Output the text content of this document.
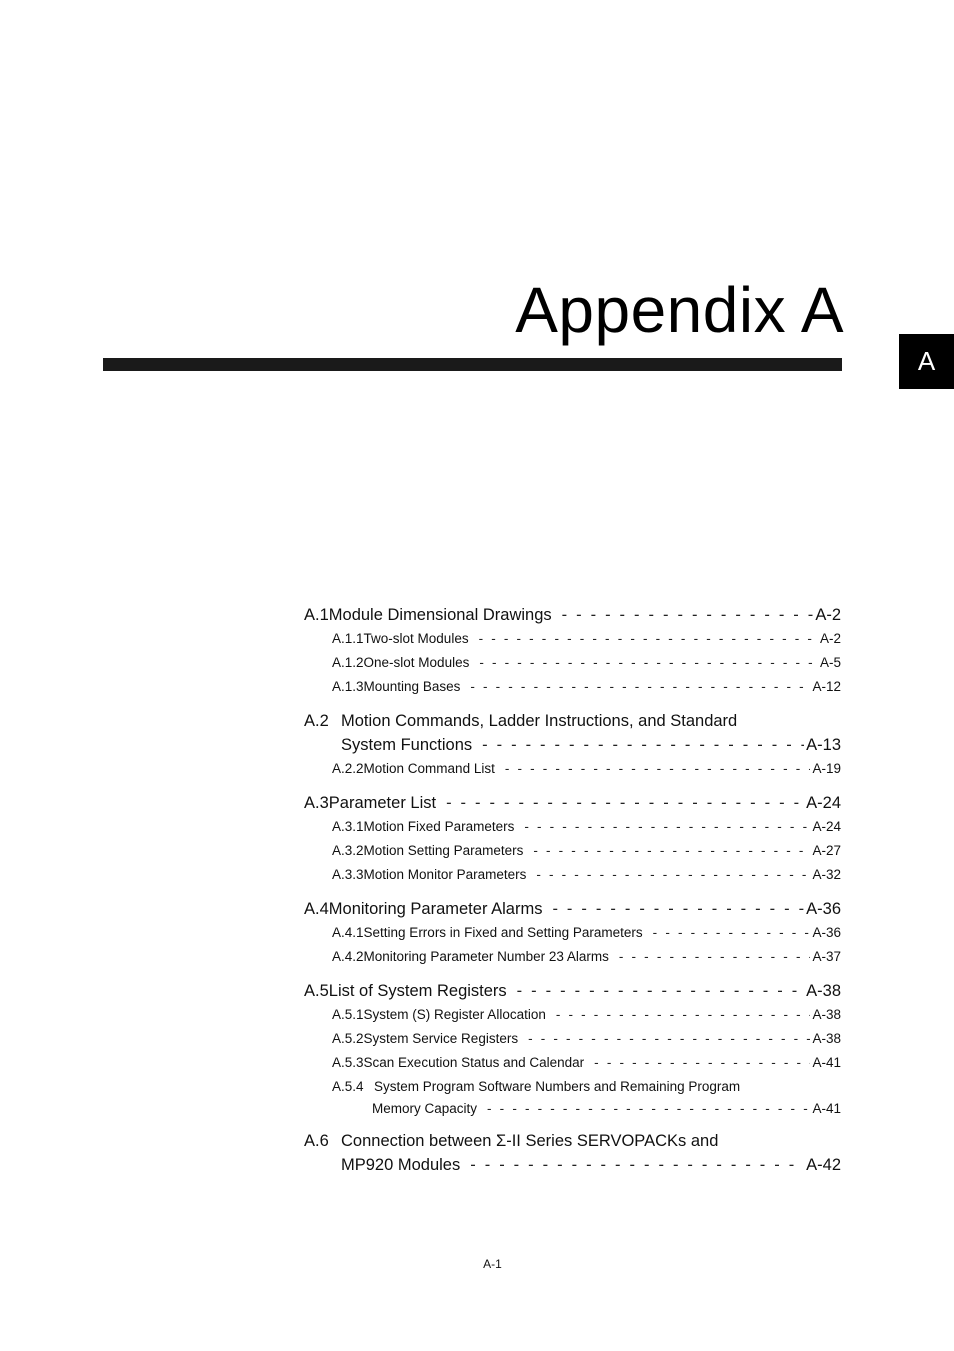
Appendix A
A
A.1 Module Dimensional Drawings - - -	A-2
A.1.1 Two-slot Modules - - -	A-2
A.1.2 One-slot Modules - - -	A-5
A.1.3 Mounting Bases - - -	A-12
A.2 Motion Commands, Ladder Instructions, and Standard
System Functions - - -	A-13
A.2.2 Motion Command List - - -	A-19
A.3 Parameter List - - -	A-24
A.3.1 Motion Fixed Parameters - - -	A-24
A.3.2 Motion Setting Parameters - - -	A-27
A.3.3 Motion Monitor Parameters - - -	A-32
A.4 Monitoring Parameter Alarms - - -	A-36
A.4.1 Setting Errors in Fixed and Setting Parameters - - -	A-36
A.4.2 Monitoring Parameter Number 23 Alarms - - -	A-37
A.5 List of System Registers - - -	A-38
A.5.1 System (S) Register Allocation - - -	A-38
A.5.2 System Service Registers - - -	A-38
A.5.3 Scan Execution Status and Calendar - - -	A-41
A.5.4 System Program Software Numbers and Remaining Program
Memory Capacity - - -	A-41
A.6 Connection between Σ-II Series SERVOPACKs and
MP920 Modules - - -	A-42
A-1
